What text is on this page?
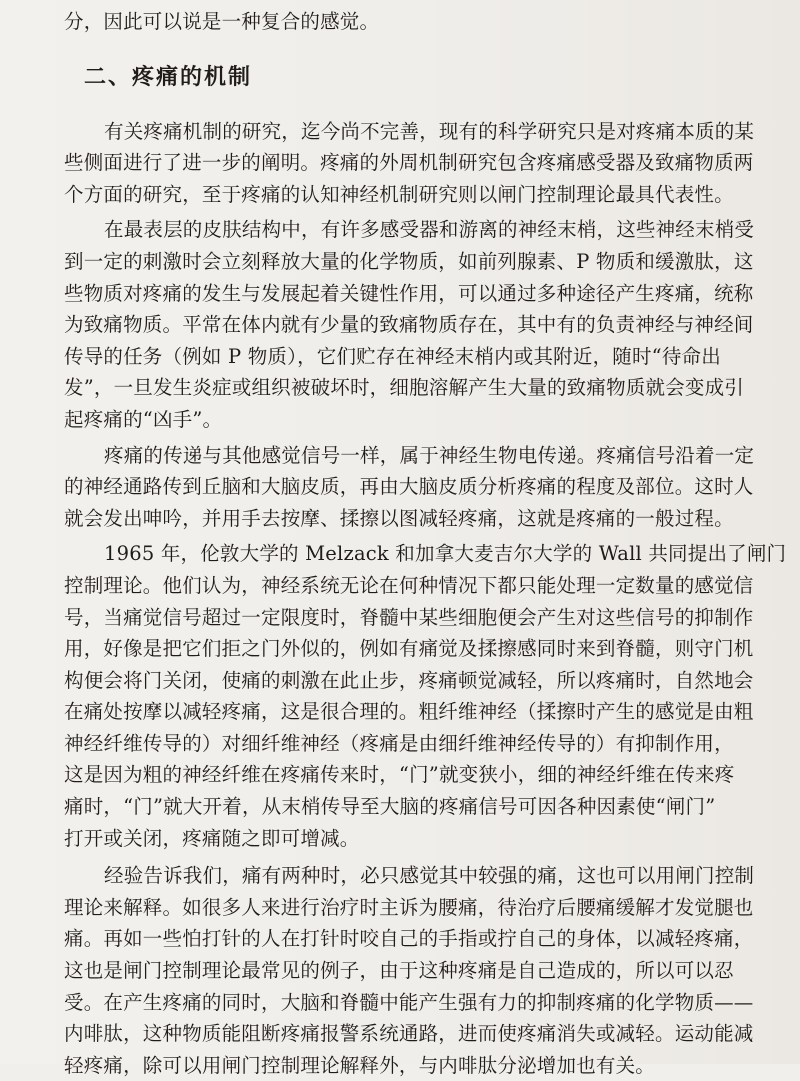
分，因此可以说是一种复合的感觉。
二、疼痛的机制
有关疼痛机制的研究，迄今尚不完善，现有的科学研究只是对疼痛本质的某
些侧面进行了进一步的阐明。疼痛的外周机制研究包含疼痛感受器及致痛物质两
个方面的研究，至于疼痛的认知神经机制研究则以闸门控制理论最具代表性。
在最表层的皮肤结构中，有许多感受器和游离的神经末梢，这些神经末梢受
到一定的刺激时会立刻释放大量的化学物质，如前列腺素、P 物质和缓激肽，这
些物质对疼痛的发生与发展起着关键性作用，可以通过多种途径产生疼痛，统称
为致痛物质。平常在体内就有少量的致痛物质存在，其中有的负责神经与神经间
传导的任务（例如 P 物质），它们贮存在神经末梢内或其附近，随时“待命出
发”，一旦发生炎症或组织被破坏时，细胞溶解产生大量的致痛物质就会变成引
起疼痛的“凶手”。
疼痛的传递与其他感觉信号一样，属于神经生物电传递。疼痛信号沿着一定
的神经通路传到丘脑和大脑皮质，再由大脑皮质分析疼痛的程度及部位。这时人
就会发出呻吟，并用手去按摩、揉擦以图减轻疼痛，这就是疼痛的一般过程。
1965 年，伦敦大学的 Melzack 和加拿大麦吉尔大学的 Wall 共同提出了闸门
控制理论。他们认为，神经系统无论在何种情况下都只能处理一定数量的感觉信
号，当痛觉信号超过一定限度时，脊髓中某些细胞便会产生对这些信号的抑制作
用，好像是把它们拒之门外似的，例如有痛觉及揉擦感同时来到脊髓，则守门机
构便会将门关闭，使痛的刺激在此止步，疼痛顿觉减轻，所以疼痛时，自然地会
在痛处按摩以减轻疼痛，这是很合理的。粗纤维神经（揉擦时产生的感觉是由粗
神经纤维传导的）对细纤维神经（疼痛是由细纤维神经传导的）有抑制作用，
这是因为粗的神经纤维在疼痛传来时，“门”就变狭小，细的神经纤维在传来疼
痛时，“门”就大开着，从末梢传导至大脑的疼痛信号可因各种因素使“闸门”
打开或关闭，疼痛随之即可增减。
经验告诉我们，痛有两种时，必只感觉其中较强的痛，这也可以用闸门控制
理论来解释。如很多人来进行治疗时主诉为腰痛，待治疗后腰痛缓解才发觉腿也
痛。再如一些怕打针的人在打针时咬自己的手指或拧自己的身体，以减轻疼痛，
这也是闸门控制理论最常见的例子，由于这种疼痛是自己造成的，所以可以忍
受。在产生疼痛的同时，大脑和脊髓中能产生强有力的抑制疼痛的化学物质——
内啡肽，这种物质能阻断疼痛报警系统通路，进而使疼痛消失或减轻。运动能减
轻疼痛，除可以用闸门控制理论解释外，与内啡肽分泌增加也有关。
